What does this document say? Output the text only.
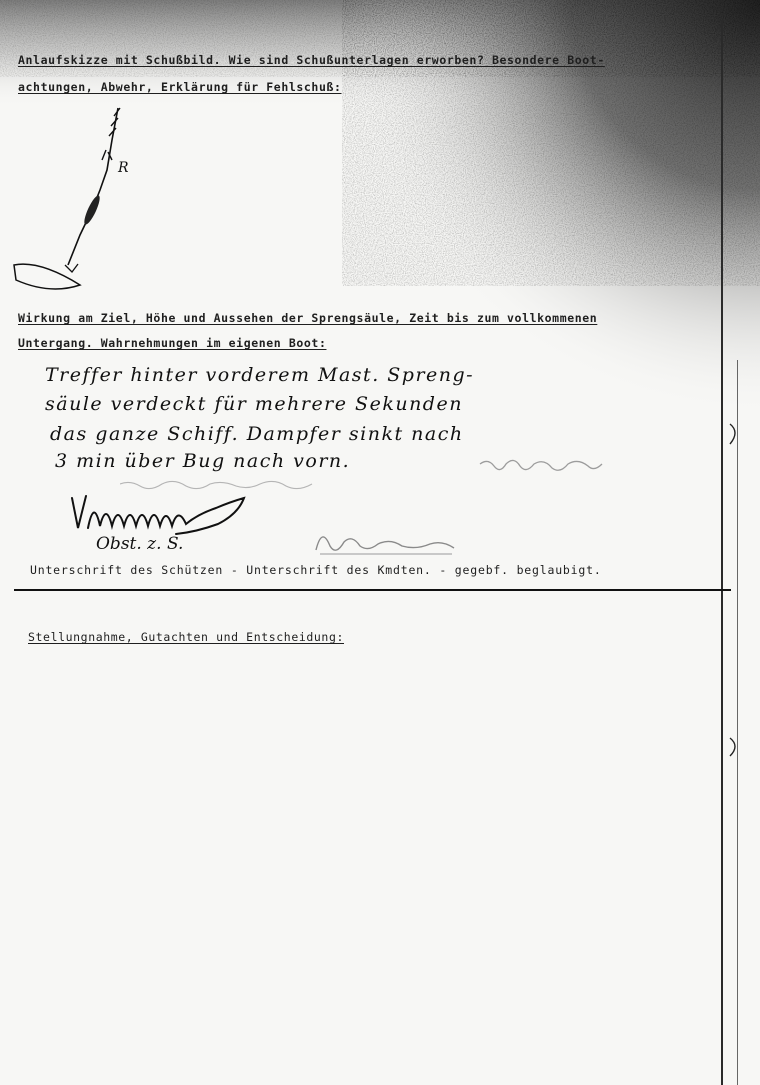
Anlaufskizze mit Schußbild. Wie sind Schußunterlagen erworben? Besondere Boot-
achtungen, Abwehr, Erklärung für Fehlschuß:
R
Wirkung am Ziel, Höhe und Aussehen der Sprengsäule, Zeit bis zum vollkommenen
Untergang. Wahrnehmungen im eigenen Boot:
Treffer hinter vorderem Mast. Spreng-
säule verdeckt für mehrere Sekunden
das ganze Schiff. Dampfer sinkt nach
3 min über Bug nach vorn.
Obst. z. S.
Unterschrift des Schützen - Unterschrift des Kmdten. - gegebf. beglaubigt.
Stellungnahme, Gutachten und Entscheidung:
